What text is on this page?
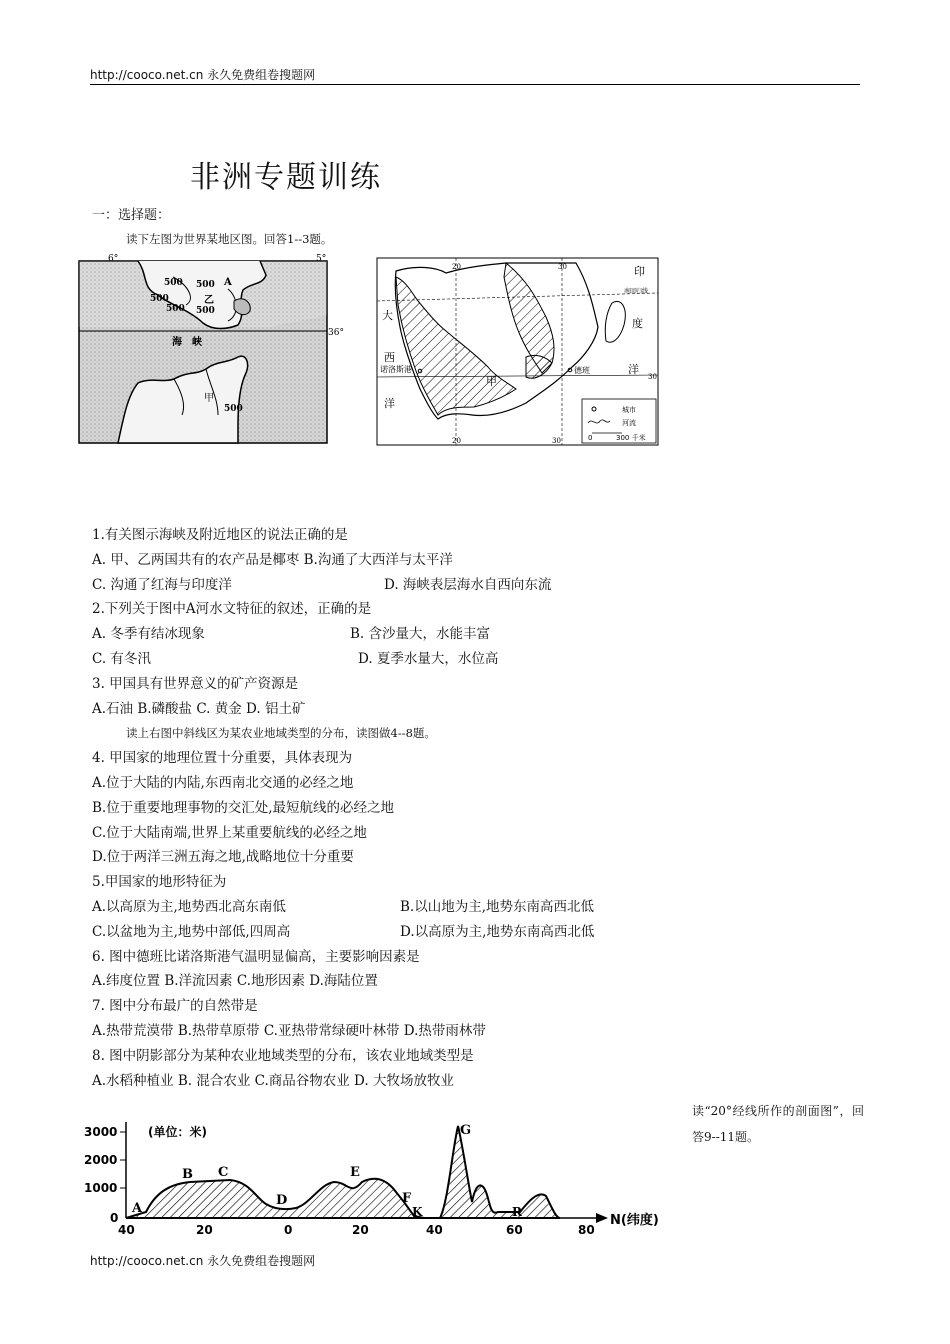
http://cooco.net.cn 永久免费组卷搜题网
非洲专题训练
一：选择题：
读下左图为世界某地区图。回答1--3题。
6°	5°
36°
500 500
500
500 500
A
乙
海　峡
甲
500
20	30
20	30
30
南回归线
印
度
洋
大
西
洋
诺洛斯港	德班
甲
城市
河流
0	300 千米
1.有关图示海峡及附近地区的说法正确的是
A. 甲、乙两国共有的农产品是椰枣 B.沟通了大西洋与太平洋
C. 沟通了红海与印度洋	D. 海峡表层海水自西向东流
2.下列关于图中A河水文特征的叙述，正确的是
A. 冬季有结冰现象	B. 含沙量大，水能丰富
C. 有冬汛	D. 夏季水量大，水位高
3. 甲国具有世界意义的矿产资源是
A.石油 B.磷酸盐 C. 黄金 D. 铝土矿
读上右图中斜线区为某农业地域类型的分布，读图做4--8题。
4. 甲国家的地理位置十分重要，具体表现为
A.位于大陆的内陆,东西南北交通的必经之地
B.位于重要地理事物的交汇处,最短航线的必经之地
C.位于大陆南端,世界上某重要航线的必经之地
D.位于两洋三洲五海之地,战略地位十分重要
5.甲国家的地形特征为
A.以高原为主,地势西北高东南低	B.以山地为主,地势东南高西北低
C.以盆地为主,地势中部低,四周高	D.以高原为主,地势东南高西北低
6. 图中德班比诺洛斯港气温明显偏高，主要影响因素是
A.纬度位置 B.洋流因素 C.地形因素 D.海陆位置
7. 图中分布最广的自然带是
A.热带荒漠带 B.热带草原带 C.亚热带常绿硬叶林带 D.热带雨林带
8. 图中阴影部分为某种农业地域类型的分布，该农业地域类型是
A.水稻种植业 B. 混合农业 C.商品谷物农业 D. 大牧场放牧业
读“20°经线所作的剖面图”，回答9--11题。
3000
2000
1000
0
(单位：米)
A
B C
D
E
F
K
G
R
40	20	0	20	40	60	80
N(纬度)
http://cooco.net.cn 永久免费组卷搜题网
